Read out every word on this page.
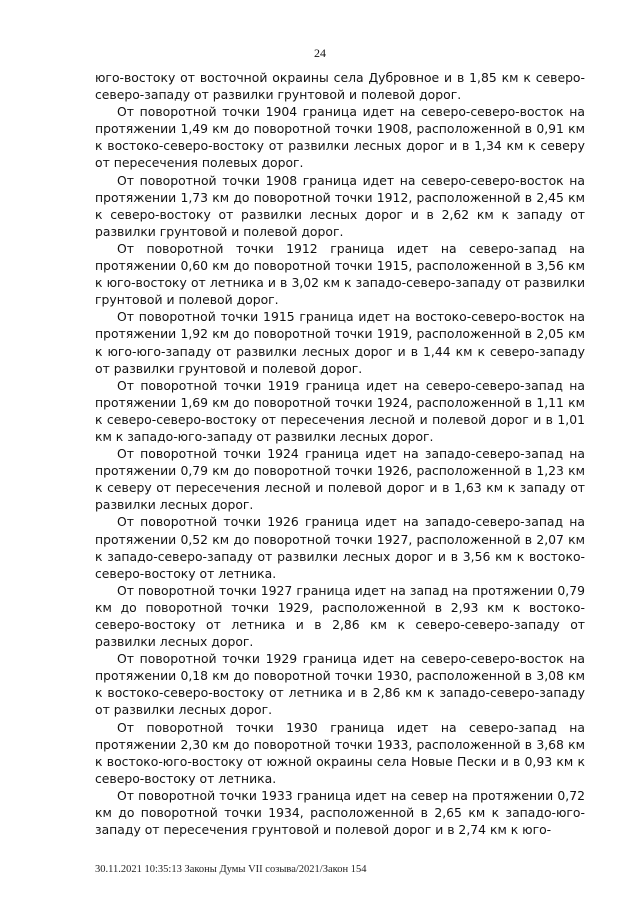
24

юго-востоку от восточной окраины села Дубровное и в 1,85 км к северо-северо-западу от развилки грунтовой и полевой дорог.

От поворотной точки 1904 граница идет на северо-северо-восток на протяжении 1,49 км до поворотной точки 1908, расположенной в 0,91 км к востоко-северо-востоку от развилки лесных дорог и в 1,34 км к северу от пересечения полевых дорог.

От поворотной точки 1908 граница идет на северо-северо-восток на протяжении 1,73 км до поворотной точки 1912, расположенной в 2,45 км к северо-востоку от развилки лесных дорог и в 2,62 км к западу от развилки грунтовой и полевой дорог.

От поворотной точки 1912 граница идет на северо-запад на протяжении 0,60 км до поворотной точки 1915, расположенной в 3,56 км к юго-востоку от летника и в 3,02 км к западо-северо-западу от развилки грунтовой и полевой дорог.

От поворотной точки 1915 граница идет на востоко-северо-восток на протяжении 1,92 км до поворотной точки 1919, расположенной в 2,05 км к юго-юго-западу от развилки лесных дорог и в 1,44 км к северо-западу от развилки грунтовой и полевой дорог.

От поворотной точки 1919 граница идет на северо-северо-запад на протяжении 1,69 км до поворотной точки 1924, расположенной в 1,11 км к северо-северо-востоку от пересечения лесной и полевой дорог и в 1,01 км к западо-юго-западу от развилки лесных дорог.

От поворотной точки 1924 граница идет на западо-северо-запад на протяжении 0,79 км до поворотной точки 1926, расположенной в 1,23 км к северу от пересечения лесной и полевой дорог и в 1,63 км к западу от развилки лесных дорог.

От поворотной точки 1926 граница идет на западо-северо-запад на протяжении 0,52 км до поворотной точки 1927, расположенной в 2,07 км к западо-северо-западу от развилки лесных дорог и в 3,56 км к востоко-северо-востоку от летника.

От поворотной точки 1927 граница идет на запад на протяжении 0,79 км до поворотной точки 1929, расположенной в 2,93 км к востоко-северо-востоку от летника и в 2,86 км к северо-северо-западу от развилки лесных дорог.

От поворотной точки 1929 граница идет на северо-северо-восток на протяжении 0,18 км до поворотной точки 1930, расположенной в 3,08 км к востоко-северо-востоку от летника и в 2,86 км к западо-северо-западу от развилки лесных дорог.

От поворотной точки 1930 граница идет на северо-запад на протяжении 2,30 км до поворотной точки 1933, расположенной в 3,68 км к востоко-юго-востоку от южной окраины села Новые Пески и в 0,93 км к северо-востоку от летника.

От поворотной точки 1933 граница идет на север на протяжении 0,72 км до поворотной точки 1934, расположенной в 2,65 км к западо-юго-западу от пересечения грунтовой и полевой дорог и в 2,74 км к юго-

30.11.2021 10:35:13 Законы Думы VII созыва/2021/Закон 154
